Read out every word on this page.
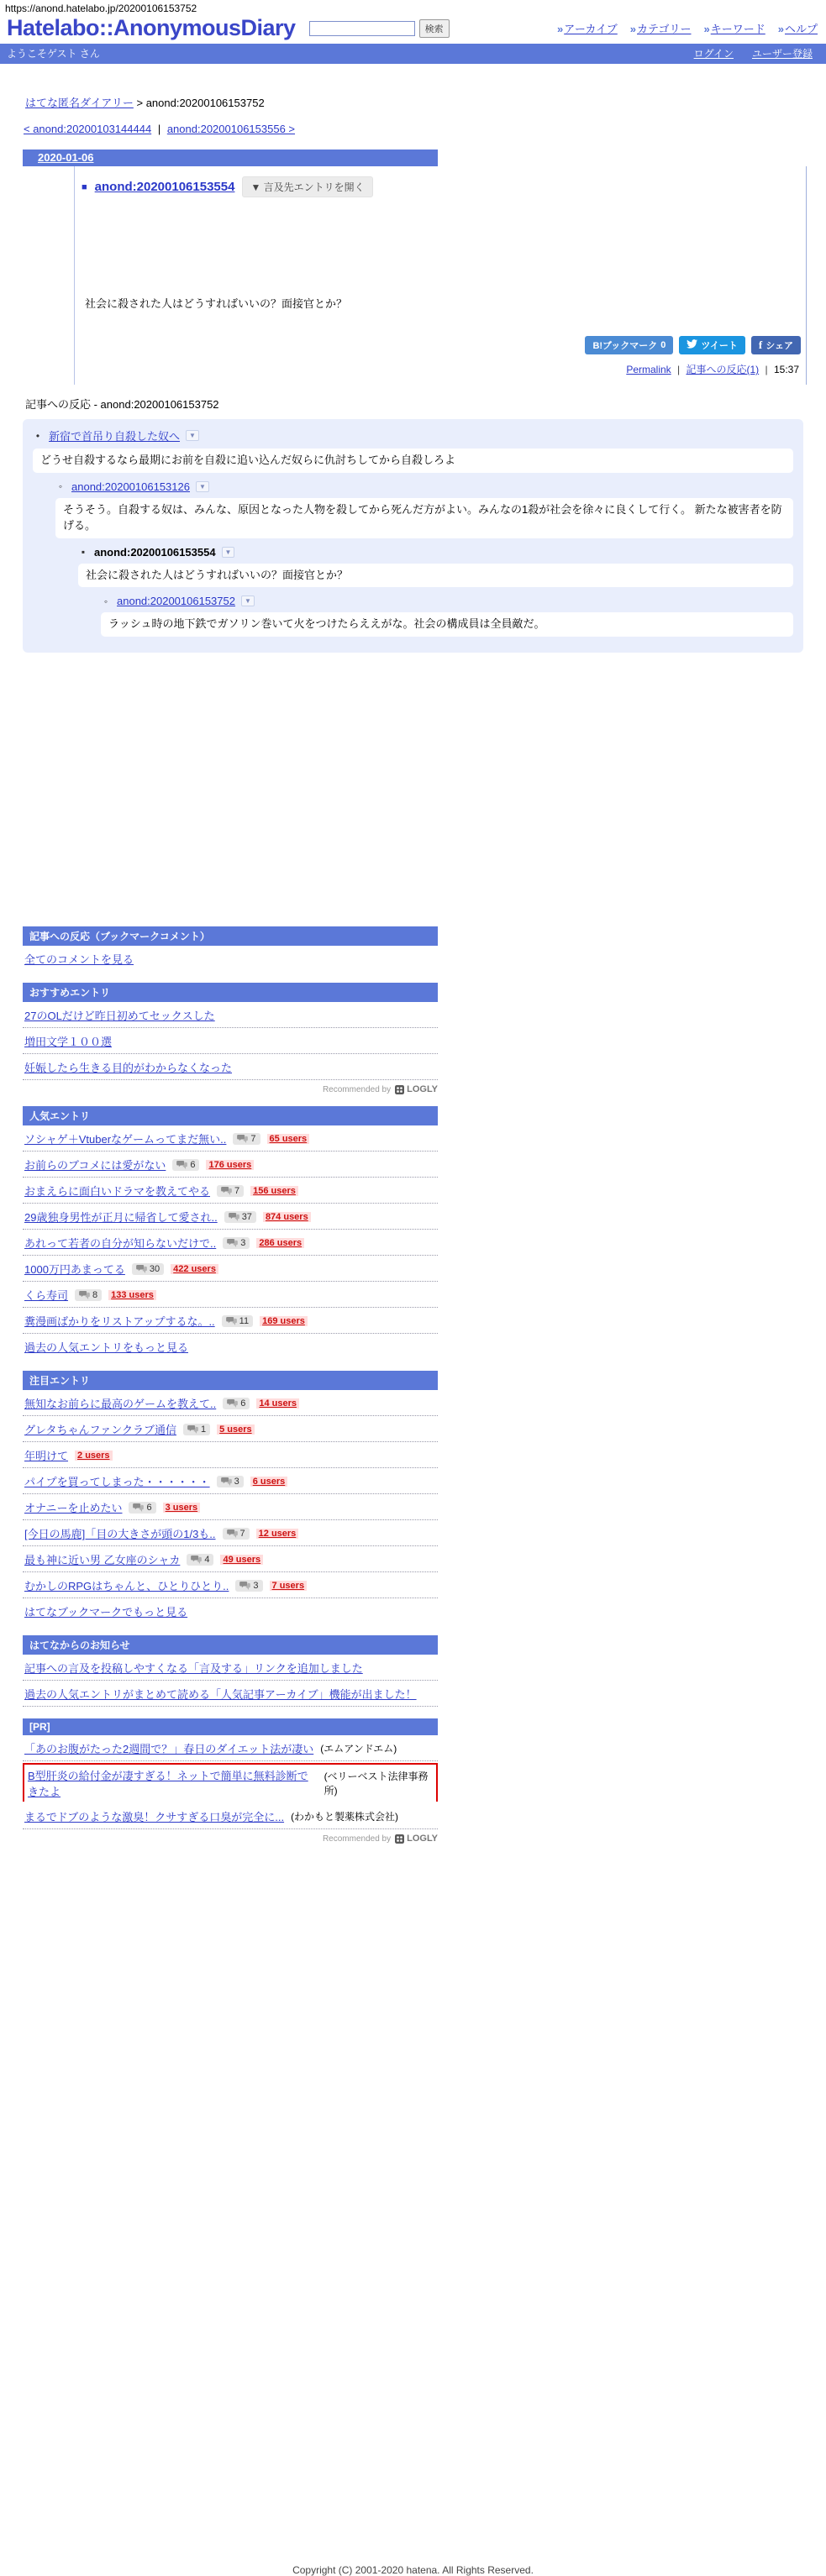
https://anond.hatelabo.jp/20200106153752
Hatelabo::AnonymousDiary	検索	»アーカイブ »カテゴリー »キーワード »ヘルプ
ようこそゲスト さん	ログイン ユーザー登録
はてな匿名ダイアリー > anond:20200106153752
< anond:20200103144444 | anond:20200106153556 >
2020-01-06
■ anond:20200106153554	▼ 言及先エントリを開く
社会に殺された人はどうすればいいの？面接官とか？
B!ブックマーク 0	ツイート f シェア
Permalink | 記事への反応(1) | 15:37
記事への反応 - anond:20200106153752

• 新宿で首吊り自殺した奴へ	▼

どうせ自殺するなら最期にお前を自殺に追い込んだ奴らに仇討ちしてから自殺しろよ

◦ anond:20200106153126	▼

そうそう。自殺する奴は、みんな、原因となった人物を殺してから死んだ方がよい。みんなの1殺が社会を徐々に良くして行く。 新たな被害者を防げる。

▪ anond:20200106153554	▼

社会に殺された人はどうすればいいの？面接官とか？

◦ anond:20200106153752	▼

ラッシュ時の地下鉄でガソリン巻いて火をつけたらええがな。社会の構成員は全員敵だ。
記事への反応（ブックマークコメント）
全てのコメントを見る
おすすめエントリ
27のOLだけど昨日初めてセックスした
増田文学１００選
妊娠したら生きる目的がわからなくなった
Recommended by LOGLY
人気エントリ
ソシャゲ＋Vtuberなゲームってまだ無い..	7 65 users
お前らのブコメには愛がない	6 176 users
おまえらに面白いドラマを教えてやる	7 156 users
29歳独身男性が正月に帰省して愛され..	37 874 users
あれって若者の自分が知らないだけで..	3 286 users
1000万円あまってる	30 422 users
くら寿司	8 133 users
糞漫画ばかりをリストアップするな。..	11 169 users
過去の人気エントリをもっと見る
注目エントリ
無知なお前らに最高のゲームを教えて..	6 14 users
グレタちゃんファンクラブ通信	1 5 users
年明けて 2 users
パイプを買ってしまった・・・・・・	3 6 users
オナニーを止めたい	6 3 users
[今日の馬鹿]「目の大きさが頭の1/3も..	7 12 users
最も神に近い男 乙女座のシャカ	4 49 users
むかしのRPGはちゃんと、ひとりひとり..	3 7 users
はてなブックマークでもっと見る
はてなからのお知らせ
記事への言及を投稿しやすくなる「言及する」リンクを追加しました
過去の人気エントリがまとめて読める「人気記事アーカイブ」機能が出ました！
[PR]
「あのお腹がたった2週間で？」春日のダイエット法が凄い (エムアンドエム)
B型肝炎の給付金が凄すぎる！ネットで簡単に無料診断できたよ
(ベリーベスト法律事務所)
まるでドブのような激臭！クサすぎる口臭が完全に... (わかもと製薬株式会社)
Recommended by LOGLY
Copyright (C) 2001-2020 hatena. All Rights Reserved.
